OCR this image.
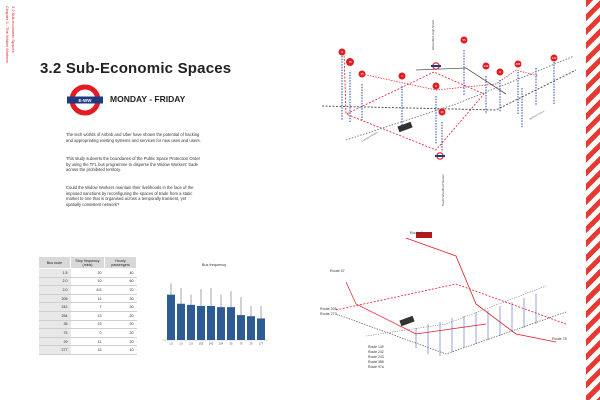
Chapter 3 - The Widow Workers 3.2 Sub-economic Spaces
3.2 Sub-Economic Spaces
E-WW MONDAY - FRIDAY
The tech worlds of Airbnb and Uber have shown the potential of hacking and appropriating existing systems and services for new uses and users.
This study subverts the boundaries of the Public Space Protection Order by using the TFL bus programme to disperse the Widow Workers' trade across the prohibited territory.
Could the Widow Workers maintain their livelihoods in the face of the imposed sanctions by reconfiguring the spaces of trade from a static market to one that is organised across a temporally transient, yet spatially consistent network?
Bus route	Stop frequency (mins)	Hourly passengers
1.5	20	40
2.0	10	60
2.0	8.5	70
205	11	30
242	7	30
254	13	20
35	23	20
75	0	20
29	11	20
277	15	10
Bus frequency
1.5 2.0 2.0 205 242 254 35	75	29 277
8
78
35	1
6
26
55
242
8
388
149
Shoreditch High Street
Liverpool Street
Bethnal Green
South Woodford Station
Route 8
Route 47
Route 205
Route 277
Route 78
Route 149
Route 242
Route 243
Route 388
Route 97a
